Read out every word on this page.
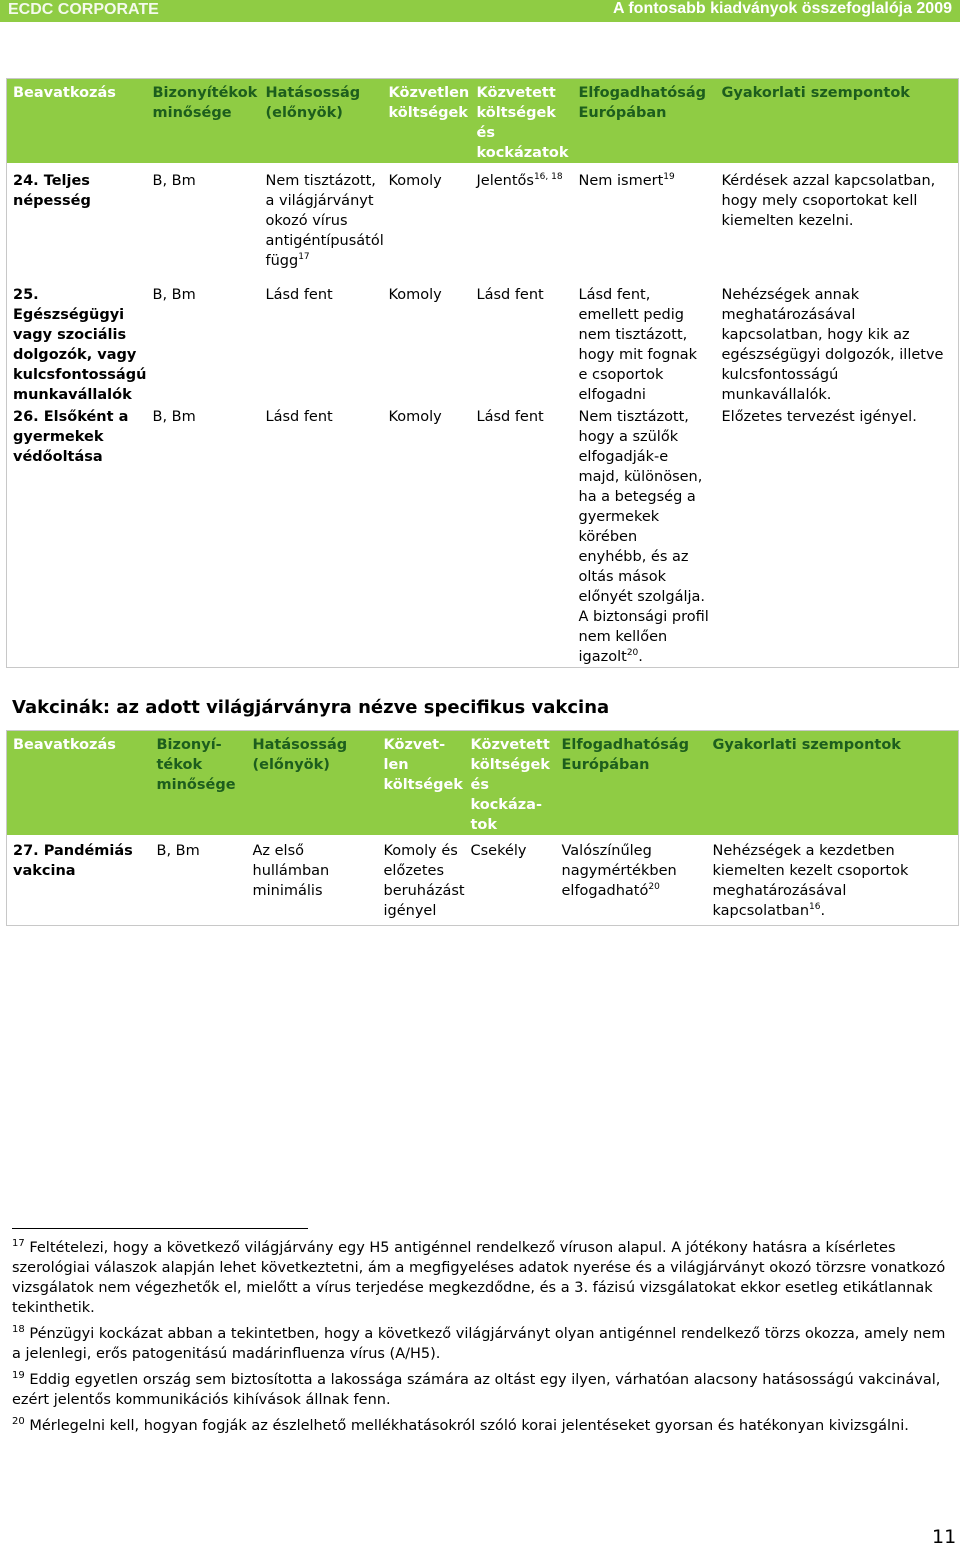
ECDC CORPORATE	A fontosabb kiadványok összefoglalója 2009
Beavatkozás	Bizonyítékok minősége	Hatásosság (előnyök)	Közvetlen költségek	Közvetett költségek és kockázatok	Elfogadhatóság Európában	Gyakorlati szempontok
24. Teljes népesség	B, Bm	Nem tisztázott, a világjárványt okozó vírus antigéntípusától függ$^{17}$	Komoly	Jelentős$^{16, 18}$	Nem ismert$^{19}$	Kérdések azzal kapcsolatban, hogy mely csoportokat kell kiemelten kezelni.
25. Egészségügyi vagy szociális dolgozók, vagy kulcsfontosságú munkavállalók	B, Bm	Lásd fent	Komoly	Lásd fent	Lásd fent, emellett pedig nem tisztázott, hogy mit fognak e csoportok elfogadni	Nehézségek annak meghatározásával kapcsolatban, hogy kik az egészségügyi dolgozók, illetve kulcsfontosságú munkavállalók.
26. Elsőként a gyermekek védőoltása	B, Bm	Lásd fent	Komoly	Lásd fent	Nem tisztázott, hogy a szülők elfogadják-e majd, különösen, ha a betegség a gyermekek körében enyhébb, és az oltás mások előnyét szolgálja. A biztonsági profil nem kellően igazolt$^{20}$.	Előzetes tervezést igényel.
Vakcinák: az adott világjárványra nézve specifikus vakcina
Beavatkozás	Bizonyí-tékok minősége	Hatásosság (előnyök)	Közvet-len költségek	Közvetett költségek és kockáza-tok	Elfogadhatóság Európában	Gyakorlati szempontok
27. Pandémiás vakcina	B, Bm	Az első hullámban minimális	Komoly és előzetes beruházást igényel	Csekély	Valószínűleg nagymértékben elfogadható$^{20}$	Nehézségek a kezdetben kiemelten kezelt csoportok meghatározásával kapcsolatban$^{16}$.

$^{17}$ Feltételezi, hogy a következő világjárvány egy H5 antigénnel rendelkező víruson alapul. A jótékony hatásra a kísérletes szerológiai válaszok alapján lehet következtetni, ám a megfigyeléses adatok nyerése és a világjárványt okozó törzsre vonatkozó vizsgálatok nem végezhetők el, mielőtt a vírus terjedése megkezdődne, és a 3. fázisú vizsgálatokat ekkor esetleg etikátlannak tekinthetik.

$^{18}$ Pénzügyi kockázat abban a tekintetben, hogy a következő világjárványt olyan antigénnel rendelkező törzs okozza, amely nem a jelenlegi, erős patogenitású madárinfluenza vírus (A/H5).

$^{19}$ Eddig egyetlen ország sem biztosította a lakossága számára az oltást egy ilyen, várhatóan alacsony hatásosságú vakcinával, ezért jelentős kommunikációs kihívások állnak fenn.

$^{20}$ Mérlegelni kell, hogyan fogják az észlelhető mellékhatásokról szóló korai jelentéseket gyorsan és hatékonyan kivizsgálni.

11
